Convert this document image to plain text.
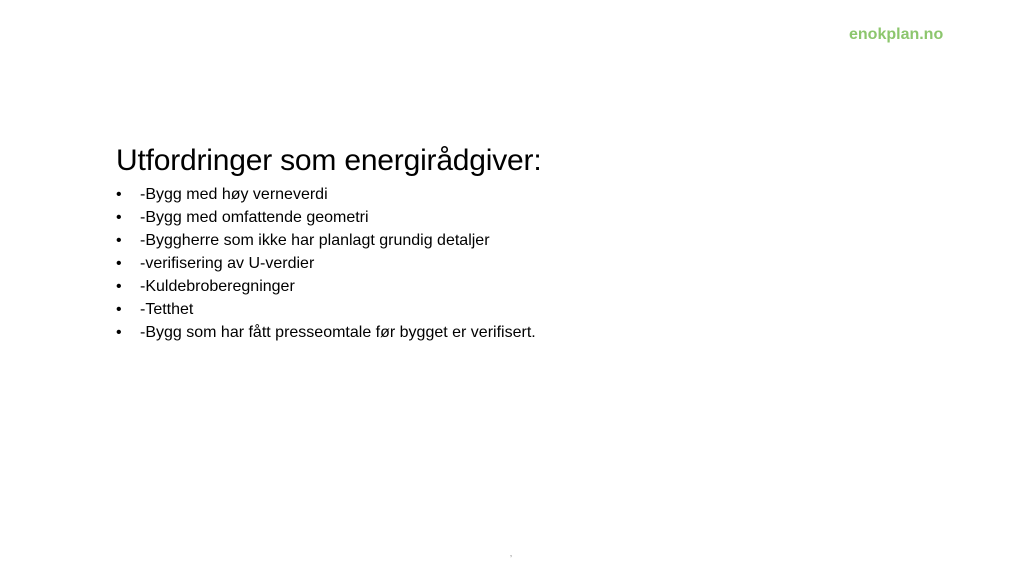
enokplan.no
Utfordringer som energirådgiver:
•	-Bygg med høy verneverdi
•	-Bygg med omfattende geometri
•	-Byggherre som ikke har planlagt grundig detaljer
•	-verifisering av U-verdier
•	-Kuldebroberegninger
•	-Tetthet
•	-Bygg som har fått presseomtale før bygget er verifisert.
‚
